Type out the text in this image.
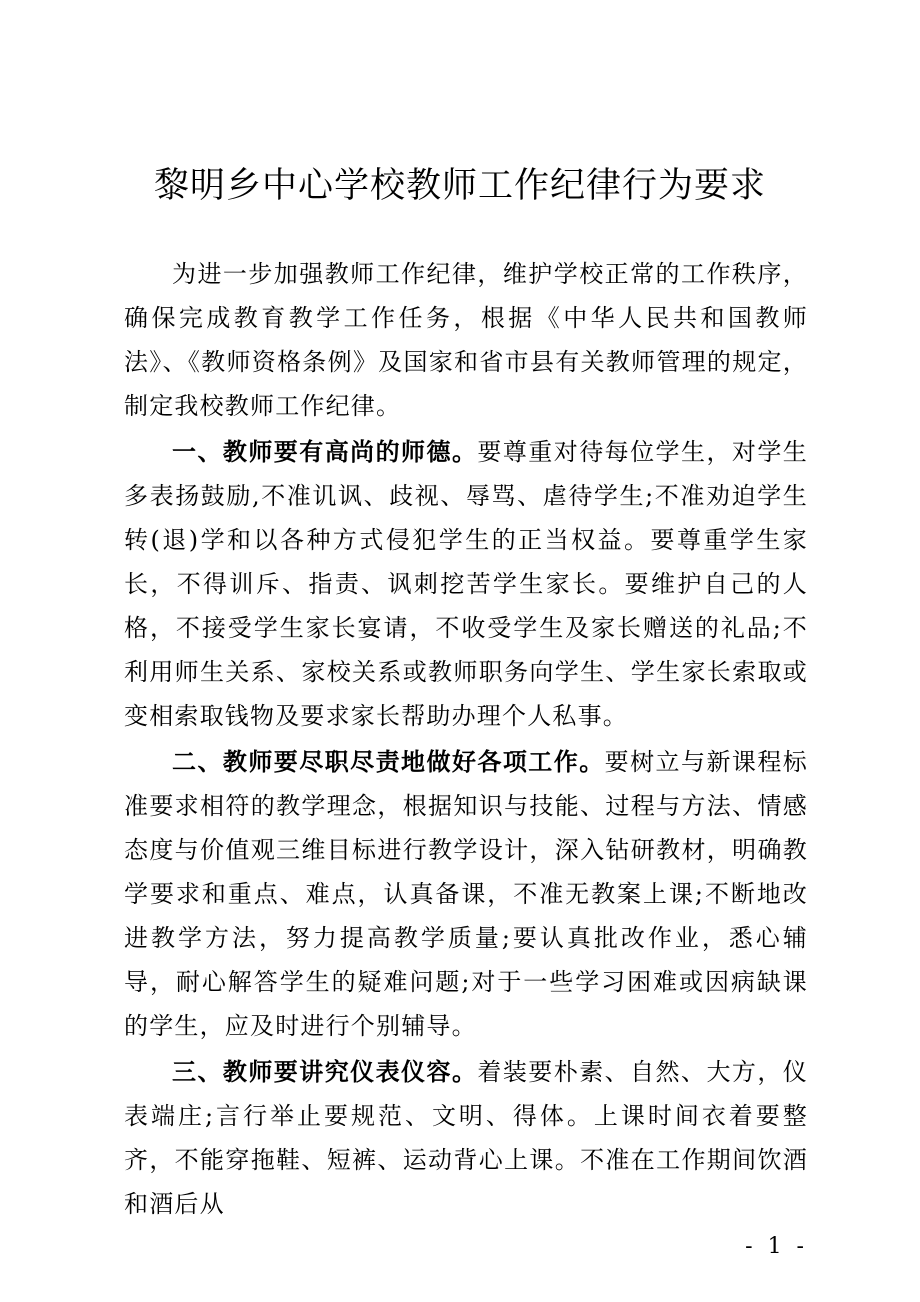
黎明乡中心学校教师工作纪律行为要求

为进一步加强教师工作纪律，维护学校正常的工作秩序，确保完成教育教学工作任务，根据《中华人民共和国教师法》、《教师资格条例》及国家和省市县有关教师管理的规定，制定我校教师工作纪律。

一、教师要有高尚的师德。要尊重对待每位学生，对学生多表扬鼓励,不准讥讽、歧视、辱骂、虐待学生;不准劝迫学生转(退)学和以各种方式侵犯学生的正当权益。要尊重学生家长，不得训斥、指责、讽刺挖苦学生家长。要维护自己的人格，不接受学生家长宴请，不收受学生及家长赠送的礼品;不利用师生关系、家校关系或教师职务向学生、学生家长索取或变相索取钱物及要求家长帮助办理个人私事。

二、教师要尽职尽责地做好各项工作。要树立与新课程标准要求相符的教学理念，根据知识与技能、过程与方法、情感态度与价值观三维目标进行教学设计，深入钻研教材，明确教学要求和重点、难点，认真备课，不准无教案上课;不断地改进教学方法，努力提高教学质量;要认真批改作业，悉心辅导，耐心解答学生的疑难问题;对于一些学习困难或因病缺课的学生，应及时进行个别辅导。

三、教师要讲究仪表仪容。着装要朴素、自然、大方，仪表端庄;言行举止要规范、文明、得体。上课时间衣着要整齐，不能穿拖鞋、短裤、运动背心上课。不准在工作期间饮酒和酒后从

- 1 -
